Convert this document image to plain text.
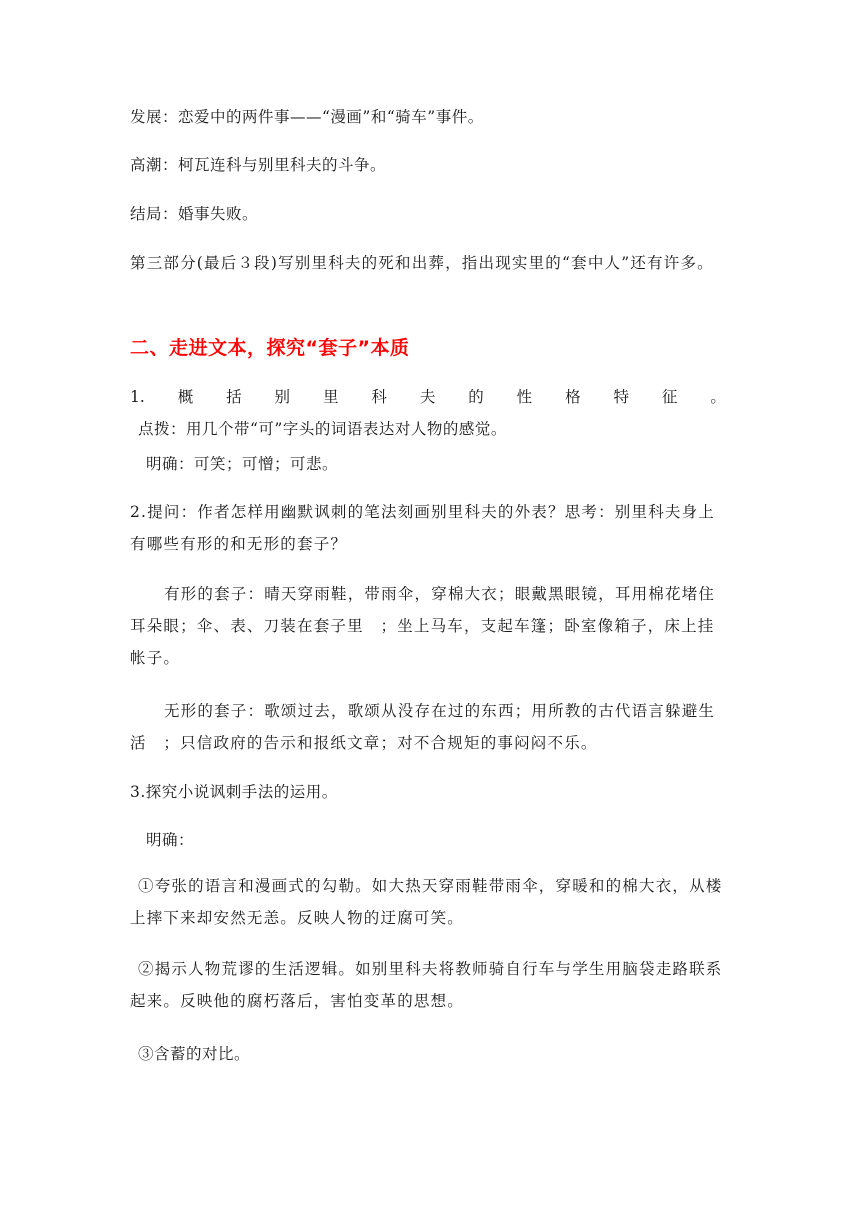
发展：恋爱中的两件事——“漫画”和“骑车”事件。
高潮：柯瓦连科与别里科夫的斗争。
结局：婚事失败。
第三部分(最后３段)写别里科夫的死和出葬，指出现实里的“套中人”还有许多。
二、走进文本，探究“套子”本质
1. 概 括 别 里 科 夫 的 性 格 特 征 。
点拨：用几个带“可”字头的词语表达对人物的感觉。
明确：可笑；可憎；可悲。
2.提问：作者怎样用幽默讽刺的笔法刻画别里科夫的外表？思考：别里科夫身上有哪些有形的和无形的套子？
有形的套子：晴天穿雨鞋，带雨伞，穿棉大衣；眼戴黑眼镜，耳用棉花堵住耳朵眼；伞、表、刀装在套子里　；坐上马车，支起车篷；卧室像箱子，床上挂帐子。
无形的套子：歌颂过去，歌颂从没存在过的东西；用所教的古代语言躲避生活　；只信政府的告示和报纸文章；对不合规矩的事闷闷不乐。
3.探究小说讽刺手法的运用。
明确：
①夸张的语言和漫画式的勾勒。如大热天穿雨鞋带雨伞，穿暖和的棉大衣，从楼上摔下来却安然无恙。反映人物的迂腐可笑。
②揭示人物荒谬的生活逻辑。如别里科夫将教师骑自行车与学生用脑袋走路联系起来。反映他的腐朽落后，害怕变革的思想。
③含蓄的对比。
